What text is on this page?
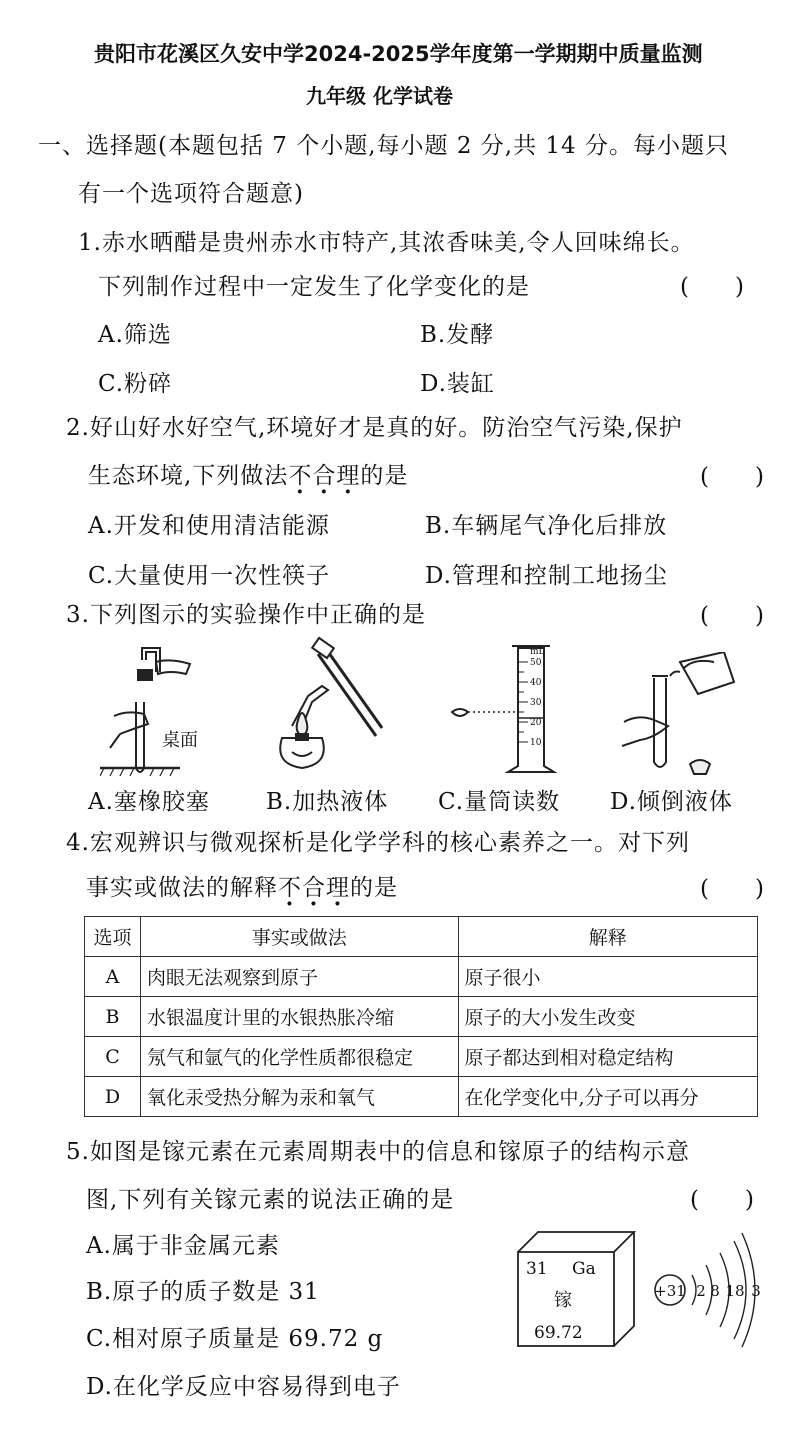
贵阳市花溪区久安中学2024-2025学年度第一学期期中质量监测
九年级 化学试卷
一、选择题(本题包括 7 个小题,每小题 2 分,共 14 分。每小题只
有一个选项符合题意)
1.赤水晒醋是贵州赤水市特产,其浓香味美,令人回味绵长。
下列制作过程中一定发生了化学变化的是	(　　)
A.筛选	B.发酵
C.粉碎	D.装缸
2.好山好水好空气,环境好才是真的好。防治空气污染,保护
生态环境,下列做法不合理的是	(　　)
A.开发和使用清洁能源	B.车辆尾气净化后排放
C.大量使用一次性筷子	D.管理和控制工地扬尘
3.下列图示的实验操作中正确的是	(　　)
桌面
mL
50
40
30
20
10
A.塞橡胶塞 B.加热液体 C.量筒读数 D.倾倒液体
4.宏观辨识与微观探析是化学学科的核心素养之一。对下列
事实或做法的解释不合理的是	(　　)
选项	事实或做法	解释
A	肉眼无法观察到原子	原子很小
B	水银温度计里的水银热胀冷缩	原子的大小发生改变
C	氖气和氩气的化学性质都很稳定	原子都达到相对稳定结构
D	氧化汞受热分解为汞和氧气	在化学变化中,分子可以再分
5.如图是镓元素在元素周期表中的信息和镓原子的结构示意
图,下列有关镓元素的说法正确的是	(　　)
A.属于非金属元素
B.原子的质子数是 31
C.相对原子质量是 69.72 g
D.在化学反应中容易得到电子
31 Ga
镓
69.72
+31 2 8 18 3
